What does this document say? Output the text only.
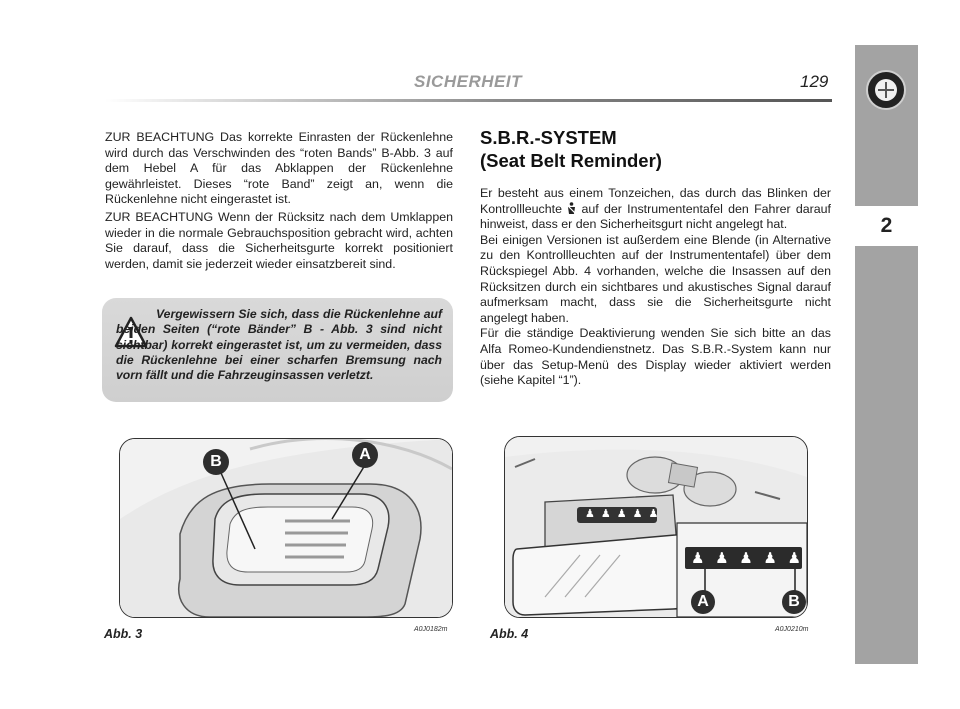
SICHERHEIT	129
2
ZUR BEACHTUNG Das korrekte Einrasten der Rückenlehne wird durch das Verschwinden des “roten Bands” B-Abb. 3 auf dem Hebel A für das Abklappen der Rückenlehne gewährleistet. Dieses “rote Band” zeigt an, wenn die Rückenlehne nicht eingerastet ist.
ZUR BEACHTUNG Wenn der Rücksitz nach dem Umklappen wieder in die normale Gebrauchsposition gebracht wird, achten Sie darauf, dass die Sicherheitsgurte korrekt positioniert werden, damit sie jederzeit wieder einsatzbereit sind.
Vergewissern Sie sich, dass die Rückenlehne auf beiden Seiten (“rote Bänder” B - Abb. 3 sind nicht sichtbar) korrekt eingerastet ist, um zu vermeiden, dass die Rückenlehne bei einer scharfen Bremsung nach vorn fällt und die Fahrzeuginsassen verletzt.
S.B.R.-SYSTEM
(Seat Belt Reminder)
Er besteht aus einem Tonzeichen, das durch das Blinken der Kontrollleuchte auf der Instrumententafel den Fahrer darauf hinweist, dass er den Sicherheitsgurt nicht angelegt hat.
Bei einigen Versionen ist außerdem eine Blende (in Alternative zu den Kontrollleuchten auf der Instrumententafel) über dem Rückspiegel Abb. 4 vorhanden, welche die Insassen auf den Rücksitzen durch ein sichtbares und akustisches Signal darauf aufmerksam macht, dass sie die Sicherheitsgurte nicht angelegt haben.
Für die ständige Deaktivierung wenden Sie sich bitte an das Alfa Romeo-Kundendienstnetz. Das S.B.R.-System kann nur über das Setup-Menü des Display wieder aktiviert werden (siehe Kapitel “1”).
B	A
Abb. 3	A0J0182m
♟ ♟ ♟ ♟ ♟
♟ ♟ ♟ ♟ ♟
A	B
Abb. 4	A0J0210m
